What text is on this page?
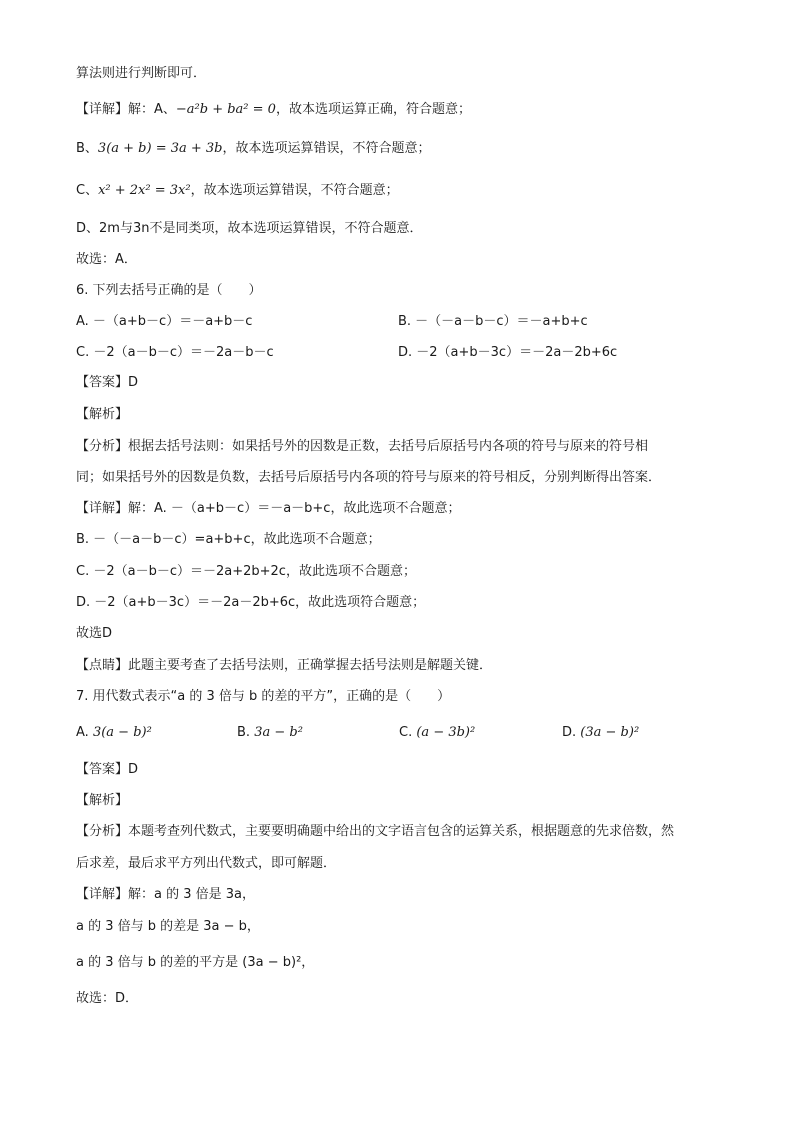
算法则进行判断即可．
【详解】解：A、−a²b + ba² = 0，故本选项运算正确，符合题意；
B、3(a + b) = 3a + 3b，故本选项运算错误，不符合题意；
C、x² + 2x² = 3x²，故本选项运算错误，不符合题意；
D、2m与3n不是同类项，故本选项运算错误，不符合题意．
故选：A．
6. 下列去括号正确的是（　　）
A. －（a+b－c）＝－a+b－c	B. －（－a－b－c）＝－a+b+c
C. －2（a－b－c）＝－2a－b－c	D. －2（a+b－3c）＝－2a－2b+6c
【答案】D
【解析】
【分析】根据去括号法则：如果括号外的因数是正数，去括号后原括号内各项的符号与原来的符号相
同；如果括号外的因数是负数，去括号后原括号内各项的符号与原来的符号相反，分别判断得出答案．
【详解】解：A. －（a+b－c）＝－a－b+c，故此选项不合题意；
B. －（－a－b－c）=a+b+c，故此选项不合题意；
C. －2（a－b－c）＝－2a+2b+2c，故此选项不合题意；
D. －2（a+b－3c）＝－2a－2b+6c，故此选项符合题意；
故选D
【点睛】此题主要考查了去括号法则，正确掌握去括号法则是解题关键．
7. 用代数式表示“a 的 3 倍与 b 的差的平方”，正确的是（　　）
A. 3(a − b)²	B. 3a − b²	C. (a − 3b)²	D. (3a − b)²
【答案】D
【解析】
【分析】本题考查列代数式，主要要明确题中给出的文字语言包含的运算关系，根据题意的先求倍数，然
后求差，最后求平方列出代数式，即可解题．
【详解】解：a 的 3 倍是 3a，
a 的 3 倍与 b 的差是 3a − b，
a 的 3 倍与 b 的差的平方是 (3a − b)²，
故选：D．
